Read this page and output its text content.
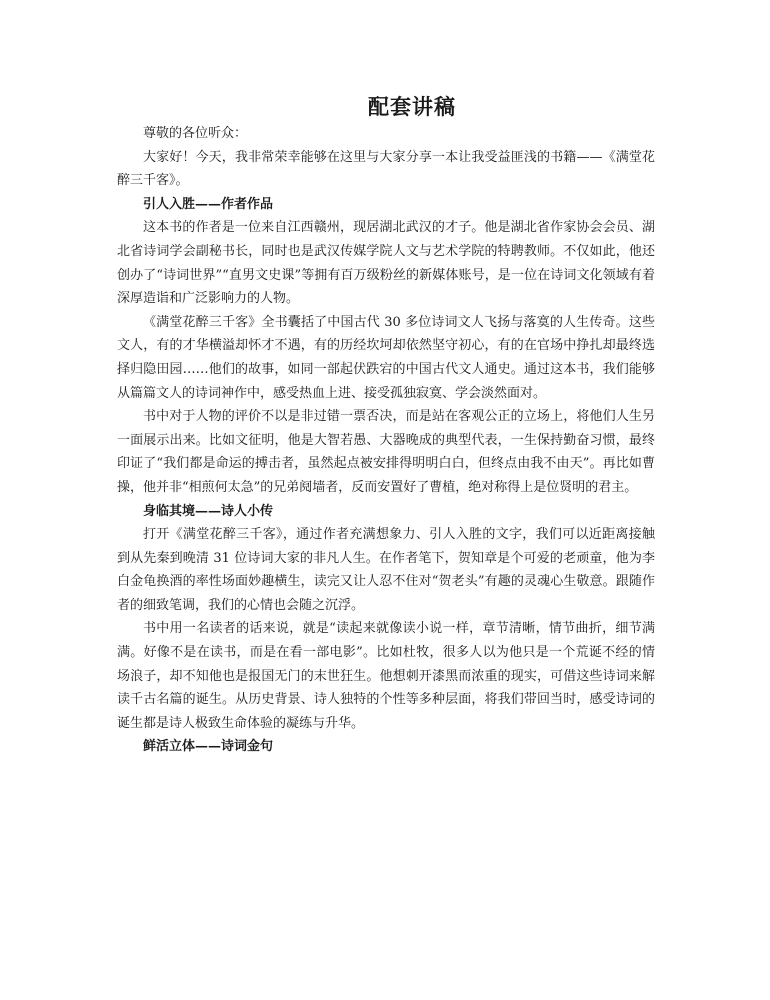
配套讲稿

尊敬的各位听众：

大家好！今天，我非常荣幸能够在这里与大家分享一本让我受益匪浅的书籍——《满堂花醉三千客》。

引人入胜——作者作品

这本书的作者是一位来自江西赣州，现居湖北武汉的才子。他是湖北省作家协会会员、湖北省诗词学会副秘书长，同时也是武汉传媒学院人文与艺术学院的特聘教师。不仅如此，他还创办了“诗词世界”“直男文史课”等拥有百万级粉丝的新媒体账号，是一位在诗词文化领域有着深厚造诣和广泛影响力的人物。

《满堂花醉三千客》全书囊括了中国古代 30 多位诗词文人飞扬与落寞的人生传奇。这些文人，有的才华横溢却怀才不遇，有的历经坎坷却依然坚守初心，有的在官场中挣扎却最终选择归隐田园……他们的故事，如同一部起伏跌宕的中国古代文人通史。通过这本书，我们能够从篇篇文人的诗词神作中，感受热血上进、接受孤独寂寞、学会淡然面对。

书中对于人物的评价不以是非过错一票否决，而是站在客观公正的立场上，将他们人生另一面展示出来。比如文征明，他是大智若愚、大器晚成的典型代表，一生保持勤奋习惯，最终印证了“我们都是命运的搏击者，虽然起点被安排得明明白白，但终点由我不由天”。再比如曹操，他并非“相煎何太急”的兄弟阋墙者，反而安置好了曹植，绝对称得上是位贤明的君主。

身临其境——诗人小传

打开《满堂花醉三千客》，通过作者充满想象力、引人入胜的文字，我们可以近距离接触到从先秦到晚清 31 位诗词大家的非凡人生。在作者笔下，贺知章是个可爱的老顽童，他为李白金龟换酒的率性场面妙趣横生，读完又让人忍不住对“贺老头”有趣的灵魂心生敬意。跟随作者的细致笔调，我们的心情也会随之沉浮。

书中用一名读者的话来说，就是“读起来就像读小说一样，章节清晰，情节曲折，细节满满。好像不是在读书，而是在看一部电影”。比如杜牧，很多人以为他只是一个荒诞不经的情场浪子，却不知他也是报国无门的末世狂生。他想刺开漆黑而浓重的现实，可借这些诗词来解读千古名篇的诞生。从历史背景、诗人独特的个性等多种层面，将我们带回当时，感受诗词的诞生都是诗人极致生命体验的凝练与升华。

鲜活立体——诗词金句
